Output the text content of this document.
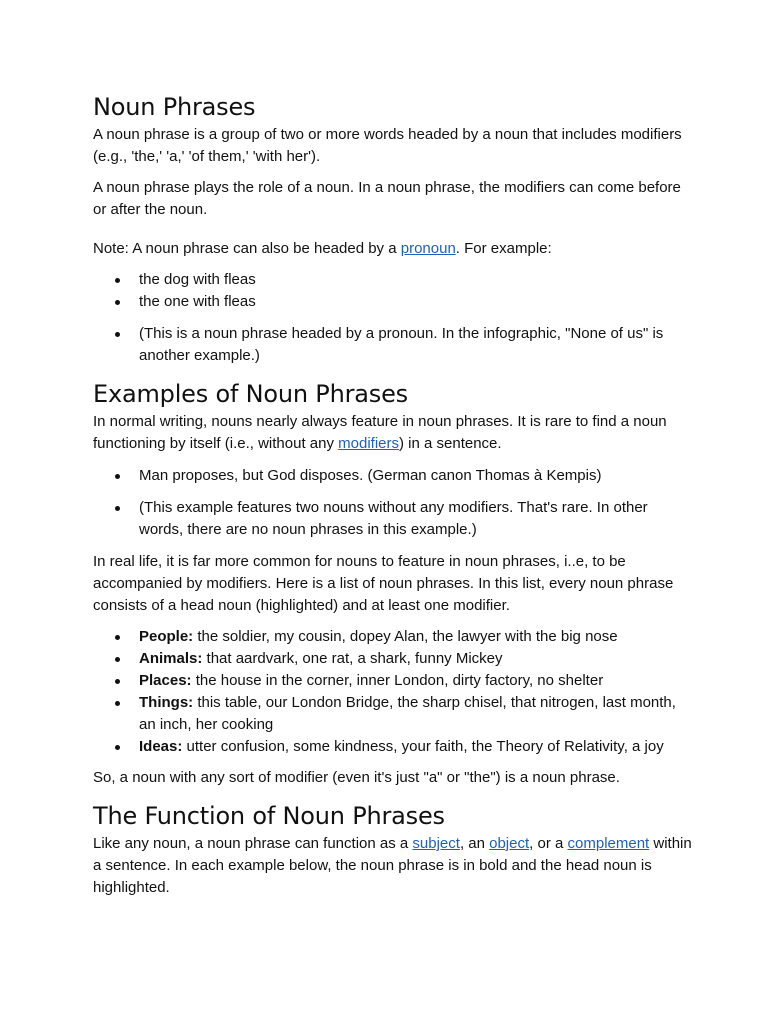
Noun Phrases

A noun phrase is a group of two or more words headed by a noun that includes modifiers (e.g., 'the,' 'a,' 'of them,' 'with her').

A noun phrase plays the role of a noun. In a noun phrase, the modifiers can come before or after the noun.

Note: A noun phrase can also be headed by a pronoun. For example:

the dog with fleas
the one with fleas
(This is a noun phrase headed by a pronoun. In the infographic, "None of us" is another example.)
Examples of Noun Phrases

In normal writing, nouns nearly always feature in noun phrases. It is rare to find a noun functioning by itself (i.e., without any modifiers) in a sentence.

Man proposes, but God disposes. (German canon Thomas à Kempis)
(This example features two nouns without any modifiers. That's rare. In other words, there are no noun phrases in this example.)

In real life, it is far more common for nouns to feature in noun phrases, i..e, to be accompanied by modifiers. Here is a list of noun phrases. In this list, every noun phrase consists of a head noun (highlighted) and at least one modifier.

People: the soldier, my cousin, dopey Alan, the lawyer with the big nose
Animals: that aardvark, one rat, a shark, funny Mickey
Places: the house in the corner, inner London, dirty factory, no shelter
Things: this table, our London Bridge, the sharp chisel, that nitrogen, last month, an inch, her cooking
Ideas: utter confusion, some kindness, your faith, the Theory of Relativity, a joy

So, a noun with any sort of modifier (even it's just "a" or "the") is a noun phrase.

The Function of Noun Phrases

Like any noun, a noun phrase can function as a subject, an object, or a complement within a sentence. In each example below, the noun phrase is in bold and the head noun is highlighted.
